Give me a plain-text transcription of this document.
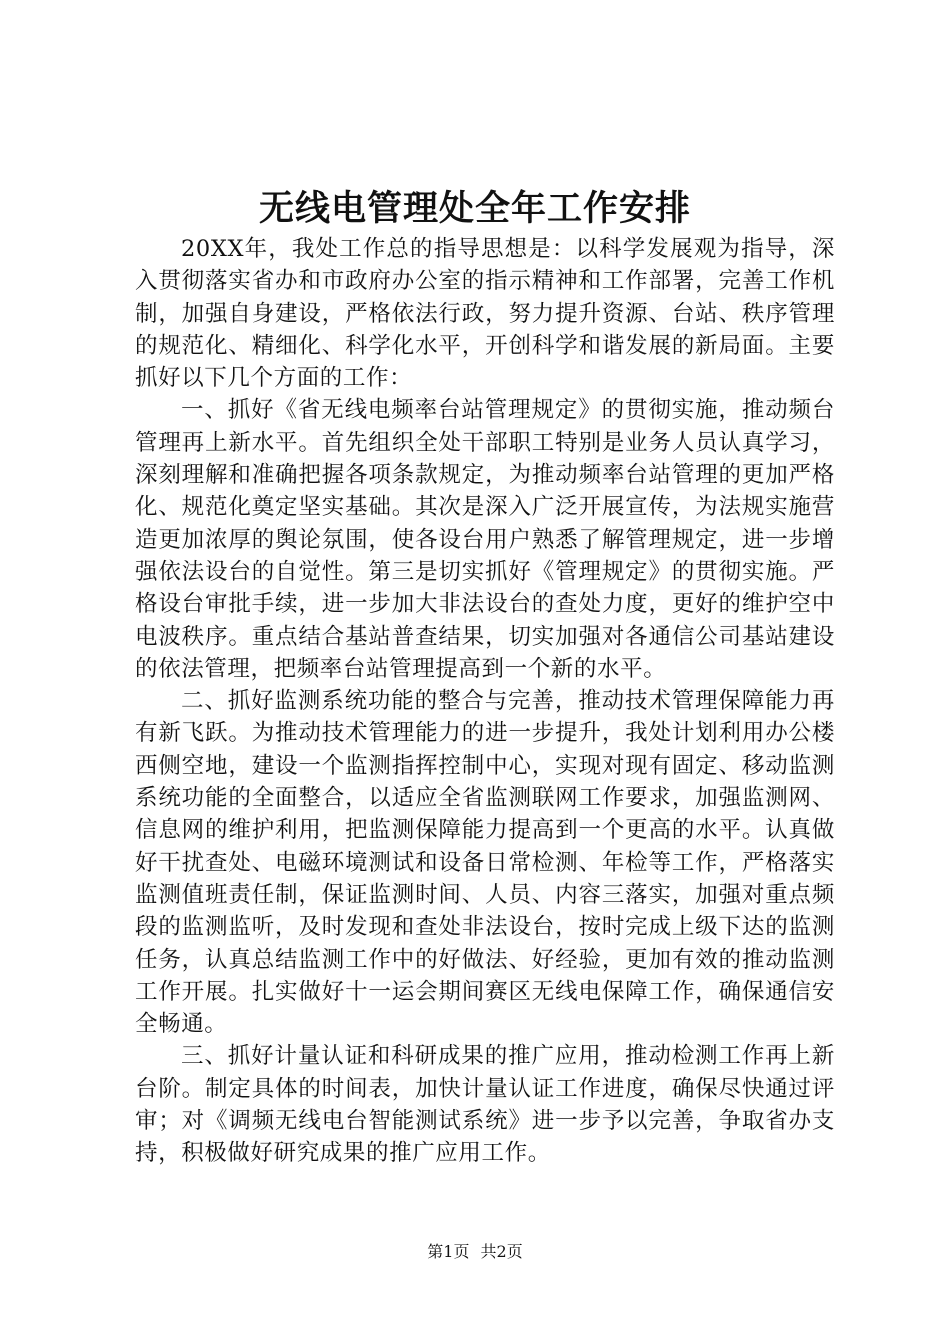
无线电管理处全年工作安排

20XX年，我处工作总的指导思想是：以科学发展观为指导，深入贯彻落实省办和市政府办公室的指示精神和工作部署，完善工作机制，加强自身建设，严格依法行政，努力提升资源、台站、秩序管理的规范化、精细化、科学化水平，开创科学和谐发展的新局面。主要抓好以下几个方面的工作：

一、抓好《省无线电频率台站管理规定》的贯彻实施，推动频台管理再上新水平。首先组织全处干部职工特别是业务人员认真学习，深刻理解和准确把握各项条款规定，为推动频率台站管理的更加严格化、规范化奠定坚实基础。其次是深入广泛开展宣传，为法规实施营造更加浓厚的舆论氛围，使各设台用户熟悉了解管理规定，进一步增强依法设台的自觉性。第三是切实抓好《管理规定》的贯彻实施。严格设台审批手续，进一步加大非法设台的查处力度，更好的维护空中电波秩序。重点结合基站普查结果，切实加强对各通信公司基站建设的依法管理，把频率台站管理提高到一个新的水平。

二、抓好监测系统功能的整合与完善，推动技术管理保障能力再有新飞跃。为推动技术管理能力的进一步提升，我处计划利用办公楼西侧空地，建设一个监测指挥控制中心，实现对现有固定、移动监测系统功能的全面整合，以适应全省监测联网工作要求，加强监测网、信息网的维护利用，把监测保障能力提高到一个更高的水平。认真做好干扰查处、电磁环境测试和设备日常检测、年检等工作，严格落实监测值班责任制，保证监测时间、人员、内容三落实，加强对重点频段的监测监听，及时发现和查处非法设台，按时完成上级下达的监测任务，认真总结监测工作中的好做法、好经验，更加有效的推动监测工作开展。扎实做好十一运会期间赛区无线电保障工作，确保通信安全畅通。

三、抓好计量认证和科研成果的推广应用，推动检测工作再上新台阶。制定具体的时间表，加快计量认证工作进度，确保尽快通过评审；对《调频无线电台智能测试系统》进一步予以完善，争取省办支持，积极做好研究成果的推广应用工作。

第1页 共2页
